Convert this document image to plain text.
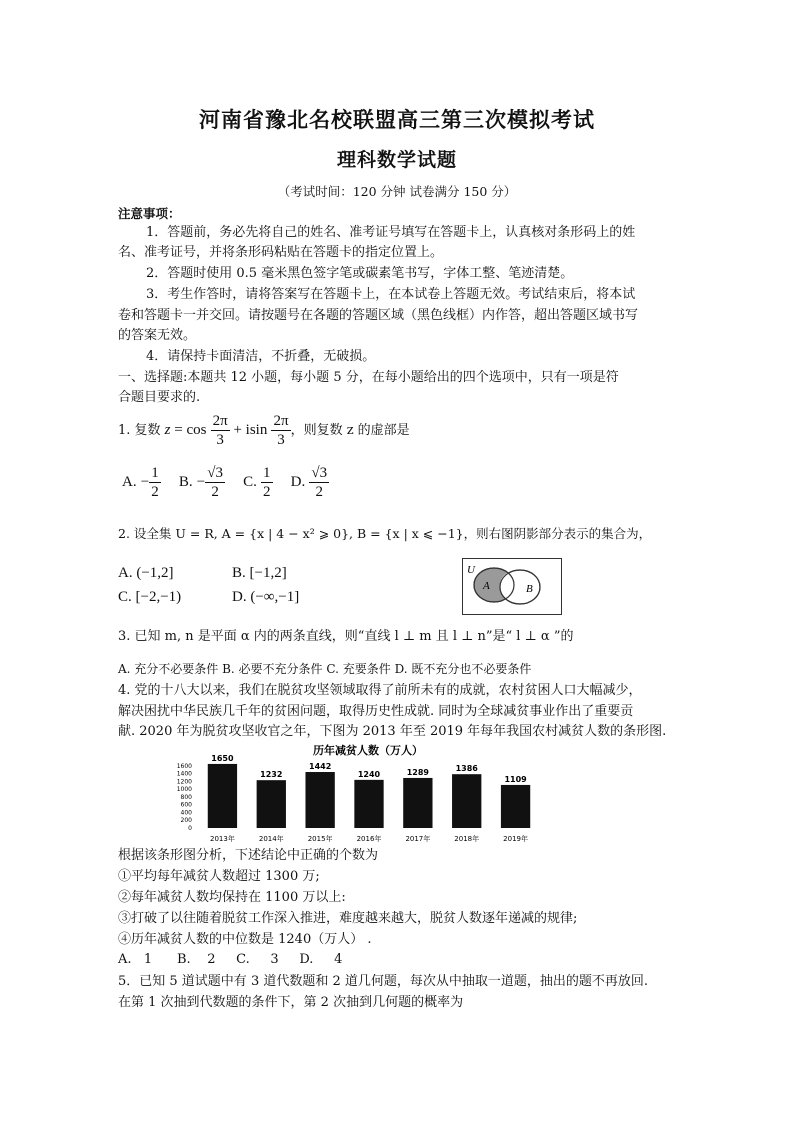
河南省豫北名校联盟高三第三次模拟考试
理科数学试题
（考试时间：120 分钟 试卷满分 150 分）
注意事项：
1．答题前，务必先将自己的姓名、准考证号填写在答题卡上，认真核对条形码上的姓
名、准考证号，并将条形码粘贴在答题卡的指定位置上。
2．答题时使用 0.5 毫米黑色签字笔或碳素笔书写，字体工整、笔迹清楚。
3．考生作答时，请将答案写在答题卡上，在本试卷上答题无效。考试结束后，将本试
卷和答题卡一并交回。请按题号在各题的答题区域（黑色线框）内作答，超出答题区域书写
的答案无效。
4．请保持卡面清洁，不折叠，无破损。
一、选择题:本题共 12 小题，每小题 5 分，在每小题给出的四个选项中，只有一项是符
合题目要求的.
1. 复数 $z = \cos \frac{2\pi}{3} + isin \frac{2\pi}{3}$ ，则复数 z 的虚部是
A. − $\frac{1}{2} B$. − $\frac{√3}{2} C$. $\frac{1}{2} D$. $\frac{√3}{2}$
2. 设全集 U = R, A = {x | 4 − x² ⩾ 0}, B = {x | x ⩽ −1}，则右图阴影部分表示的集合为，
A. (−1,2]	B. [−1,2]
C. [−2,−1)	D. (−∞,−1]
U
A	B
3. 已知 m, n 是平面 α 内的两条直线，则“直线 l ⊥ m 且 l ⊥ n”是“ l ⊥ α ”的
A. 充分不必要条件 B. 必要不充分条件 C. 充要条件 D. 既不充分也不必要条件
4. 党的十八大以来，我们在脱贫攻坚领域取得了前所未有的成就，农村贫困人口大幅减少，
解决困扰中华民族几千年的贫困问题，取得历史性成就. 同时为全球减贫事业作出了重要贡
献. 2020 年为脱贫攻坚收官之年，下图为 2013 年至 2019 年每年我国农村减贫人数的条形图.
历年减贫人数（万人）
1600
1400
1200
1000
800
600
400
200
0
1650
1232
1442
1240	1289	1386
1109
2013年	2014年	2015年	2016年	2017年	2018年	2019年
根据该条形图分析，下述结论中正确的个数为
①平均每年减贫人数超过 1300 万;
②每年减贫人数均保持在 1100 万以上:
③打破了以往随着脱贫工作深入推进，难度越来越大，脱贫人数逐年递减的规律;
④历年减贫人数的中位数是 1240（万人） .
A.   1      B.    2     C.     3     D.     4
5．已知 5 道试题中有 3 道代数题和 2 道几何题，每次从中抽取一道题，抽出的题不再放回.
在第 1 次抽到代数题的条件下，第 2 次抽到几何题的概率为
